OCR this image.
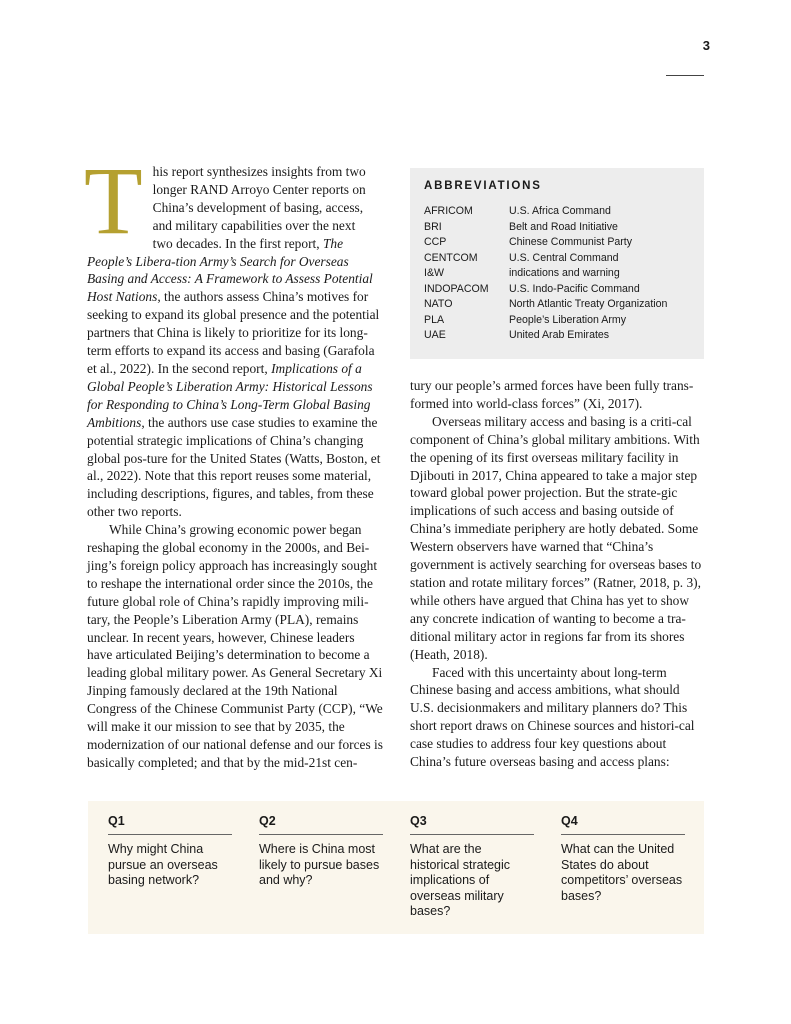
3
T his report synthesizes insights from two
longer RAND Arroyo Center reports on
China’s development of basing, access,
and military capabilities over the next
two decades. In the first report, The People’s Libera-tion Army’s Search for Overseas Basing and Access: A Framework to Assess Potential Host Nations, the authors assess China’s motives for seeking to expand its global presence and the potential partners that China is likely to prioritize for its long-term efforts to expand its access and basing (Garafola et al., 2022). In the second report, Implications of a Global People’s Liberation Army: Historical Lessons for Responding to China’s Long-Term Global Basing Ambitions, the authors use case studies to examine the potential strategic implications of China’s changing global pos-ture for the United States (Watts, Boston, et al., 2022). Note that this report reuses some material, including descriptions, figures, and tables, from these other two reports.

While China’s growing economic power began reshaping the global economy in the 2000s, and Bei-jing’s foreign policy approach has increasingly sought to reshape the international order since the 2010s, the future global role of China’s rapidly improving mili-tary, the People’s Liberation Army (PLA), remains unclear. In recent years, however, Chinese leaders have articulated Beijing’s determination to become a leading global military power. As General Secretary Xi Jinping famously declared at the 19th National Congress of the Chinese Communist Party (CCP), “We will make it our mission to see that by 2035, the modernization of our national defense and our forces is basically completed; and that by the mid-21st cen-

ABBREVIATIONS
AFRICOM	U.S. Africa Command
BRI	Belt and Road Initiative
CCP	Chinese Communist Party
CENTCOM	U.S. Central Command
I&W	indications and warning
INDOPACOM	U.S. Indo-Pacific Command
NATO	North Atlantic Treaty Organization
PLA	People’s Liberation Army
UAE	United Arab Emirates

tury our people’s armed forces have been fully trans-formed into world-class forces” (Xi, 2017).

Overseas military access and basing is a criti-cal component of China’s global military ambitions. With the opening of its first overseas military facility in Djibouti in 2017, China appeared to take a major step toward global power projection. But the strate-gic implications of such access and basing outside of China’s immediate periphery are hotly debated. Some Western observers have warned that “China’s government is actively searching for overseas bases to station and rotate military forces” (Ratner, 2018, p. 3), while others have argued that China has yet to show any concrete indication of wanting to become a tra-ditional military actor in regions far from its shores (Heath, 2018).

Faced with this uncertainty about long-term Chinese basing and access ambitions, what should U.S. decisionmakers and military planners do? This short report draws on Chinese sources and histori-cal case studies to address four key questions about China’s future overseas basing and access plans:

Q1
Why might China pursue an overseas basing network?
Q2
Where is China most likely to pursue bases and why?
Q3
What are the historical strategic implications of overseas military bases?
Q4
What can the United States do about competitors’ overseas bases?
